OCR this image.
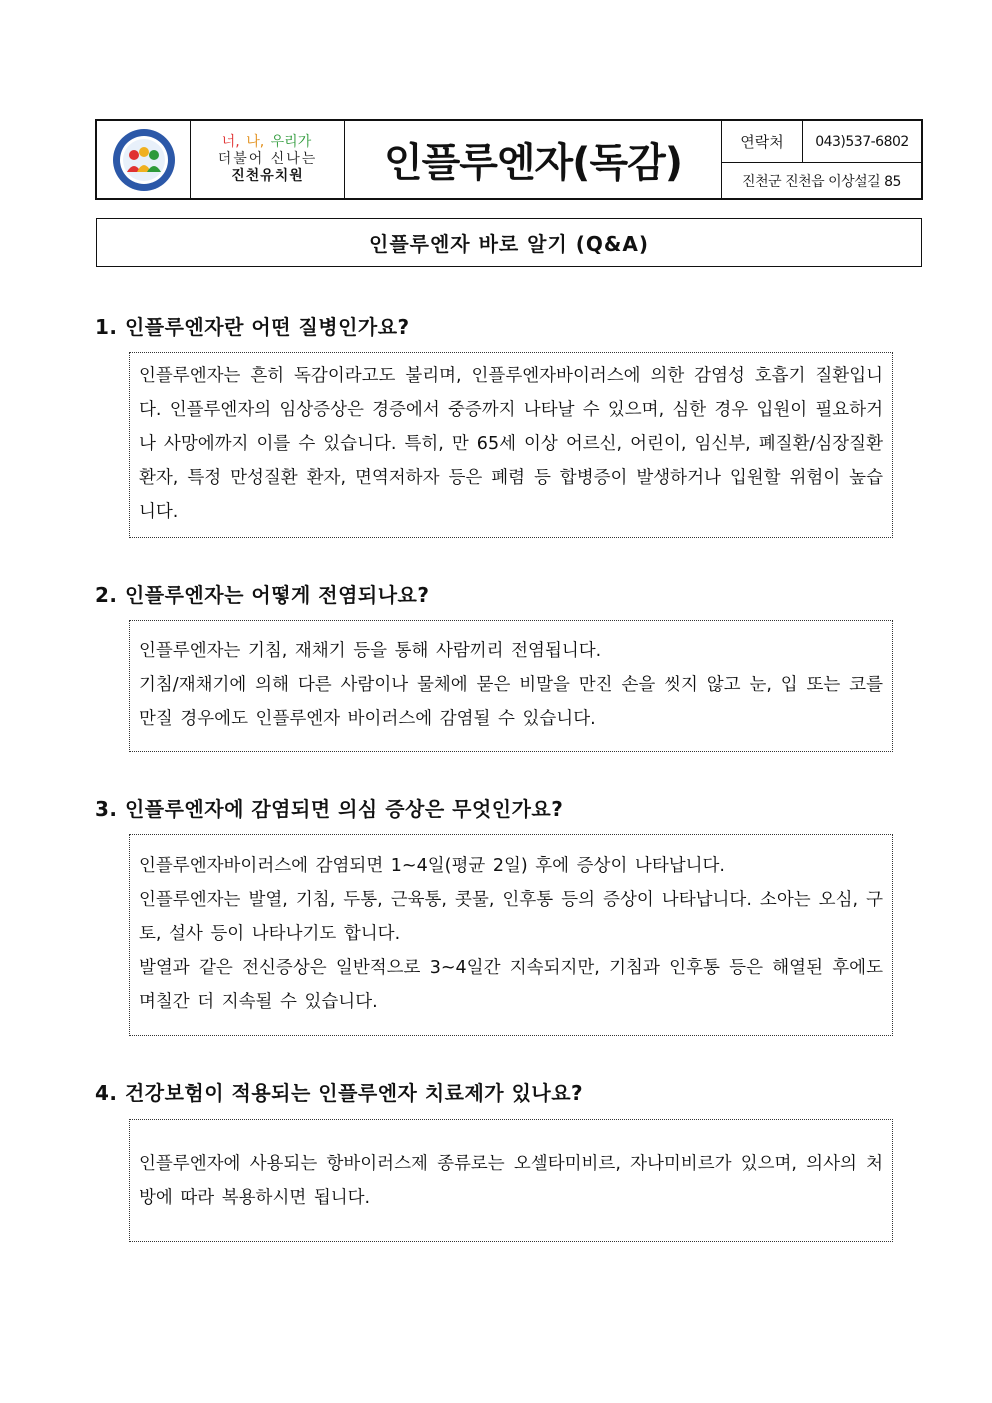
너, 나, 우리가
더불어 신나는
진천유치원	인플루엔자(독감)	연락처	043)537-6802
진천군 진천읍 이상설길 85
인플루엔자 바로 알기 (Q&A)
1. 인플루엔자란 어떤 질병인가요?

인플루엔자는 흔히 독감이라고도 불리며, 인플루엔자바이러스에 의한 감염성 호흡기 질환입니다. 인플루엔자의 임상증상은 경증에서 중증까지 나타날 수 있으며, 심한 경우 입원이 필요하거나 사망에까지 이를 수 있습니다. 특히, 만 65세 이상 어르신, 어린이, 임신부, 폐질환/심장질환 환자, 특정 만성질환 환자, 면역저하자 등은 폐렴 등 합병증이 발생하거나 입원할 위험이 높습니다.

2. 인플루엔자는 어떻게 전염되나요?

인플루엔자는 기침, 재채기 등을 통해 사람끼리 전염됩니다.

기침/재채기에 의해 다른 사람이나 물체에 묻은 비말을 만진 손을 씻지 않고 눈, 입 또는 코를 만질 경우에도 인플루엔자 바이러스에 감염될 수 있습니다.

3. 인플루엔자에 감염되면 의심 증상은 무엇인가요?

인플루엔자바이러스에 감염되면 1~4일(평균 2일) 후에 증상이 나타납니다.

인플루엔자는 발열, 기침, 두통, 근육통, 콧물, 인후통 등의 증상이 나타납니다. 소아는 오심, 구토, 설사 등이 나타나기도 합니다.

발열과 같은 전신증상은 일반적으로 3~4일간 지속되지만, 기침과 인후통 등은 해열된 후에도 며칠간 더 지속될 수 있습니다.

4. 건강보험이 적용되는 인플루엔자 치료제가 있나요?

인플루엔자에 사용되는 항바이러스제 종류로는 오셀타미비르, 자나미비르가 있으며, 의사의 처방에 따라 복용하시면 됩니다.
